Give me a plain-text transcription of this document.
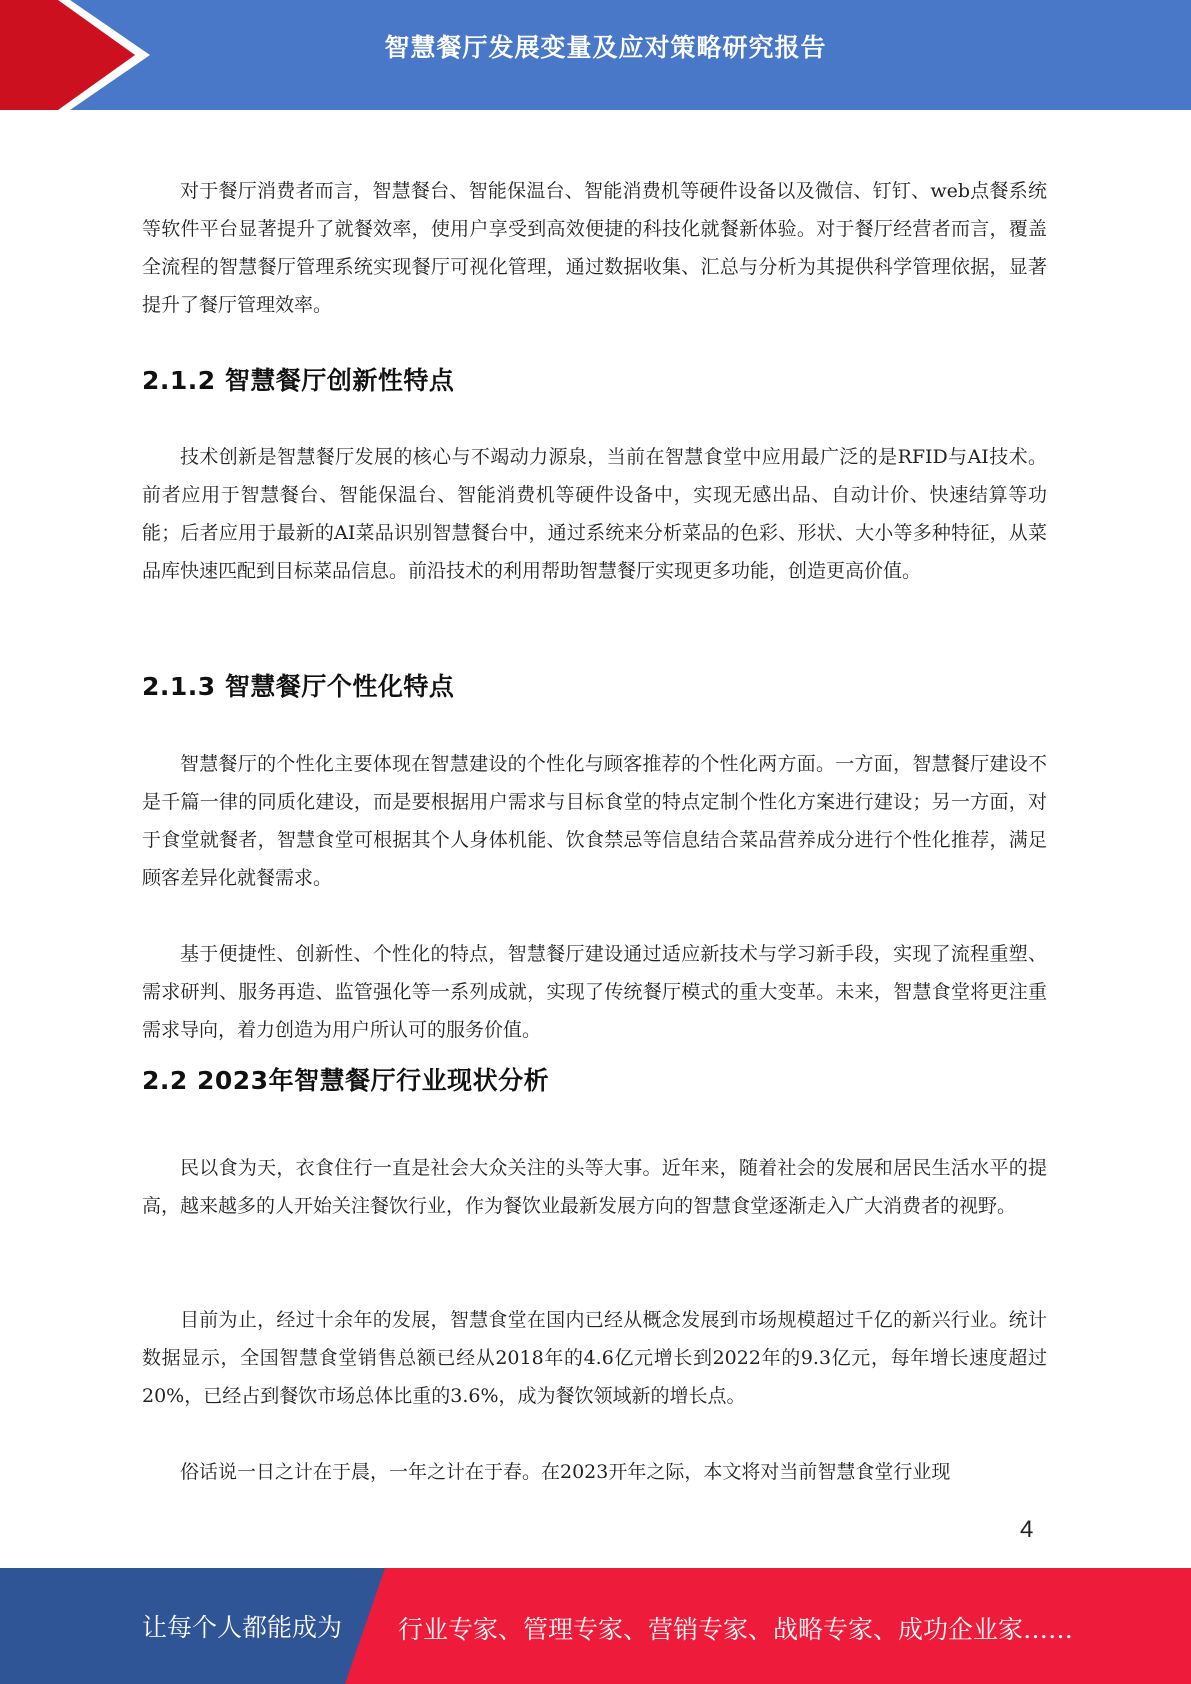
智慧餐厅发展变量及应对策略研究报告

对于餐厅消费者而言，智慧餐台、智能保温台、智能消费机等硬件设备以及微信、钉钉、web点餐系统等软件平台显著提升了就餐效率，使用户享受到高效便捷的科技化就餐新体验。对于餐厅经营者而言，覆盖全流程的智慧餐厅管理系统实现餐厅可视化管理，通过数据收集、汇总与分析为其提供科学管理依据，显著提升了餐厅管理效率。

2.1.2 智慧餐厅创新性特点

技术创新是智慧餐厅发展的核心与不竭动力源泉，当前在智慧食堂中应用最广泛的是RFID与AI技术。前者应用于智慧餐台、智能保温台、智能消费机等硬件设备中，实现无感出品、自动计价、快速结算等功能；后者应用于最新的AI菜品识别智慧餐台中，通过系统来分析菜品的色彩、形状、大小等多种特征，从菜品库快速匹配到目标菜品信息。前沿技术的利用帮助智慧餐厅实现更多功能，创造更高价值。

2.1.3 智慧餐厅个性化特点

智慧餐厅的个性化主要体现在智慧建设的个性化与顾客推荐的个性化两方面。一方面，智慧餐厅建设不是千篇一律的同质化建设，而是要根据用户需求与目标食堂的特点定制个性化方案进行建设；另一方面，对于食堂就餐者，智慧食堂可根据其个人身体机能、饮食禁忌等信息结合菜品营养成分进行个性化推荐，满足顾客差异化就餐需求。

基于便捷性、创新性、个性化的特点，智慧餐厅建设通过适应新技术与学习新手段，实现了流程重塑、需求研判、服务再造、监管强化等一系列成就，实现了传统餐厅模式的重大变革。未来，智慧食堂将更注重需求导向，着力创造为用户所认可的服务价值。

2.2 2023年智慧餐厅行业现状分析

民以食为天，衣食住行一直是社会大众关注的头等大事。近年来，随着社会的发展和居民生活水平的提高，越来越多的人开始关注餐饮行业，作为餐饮业最新发展方向的智慧食堂逐渐走入广大消费者的视野。

目前为止，经过十余年的发展，智慧食堂在国内已经从概念发展到市场规模超过千亿的新兴行业。统计数据显示，全国智慧食堂销售总额已经从2018年的4.6亿元增长到2022年的9.3亿元，每年增长速度超过20%，已经占到餐饮市场总体比重的3.6%，成为餐饮领域新的增长点。

俗话说一日之计在于晨，一年之计在于春。在2023开年之际，本文将对当前智慧食堂行业现

4
让每个人都能成为 行业专家、管理专家、营销专家、战略专家、成功企业家……
